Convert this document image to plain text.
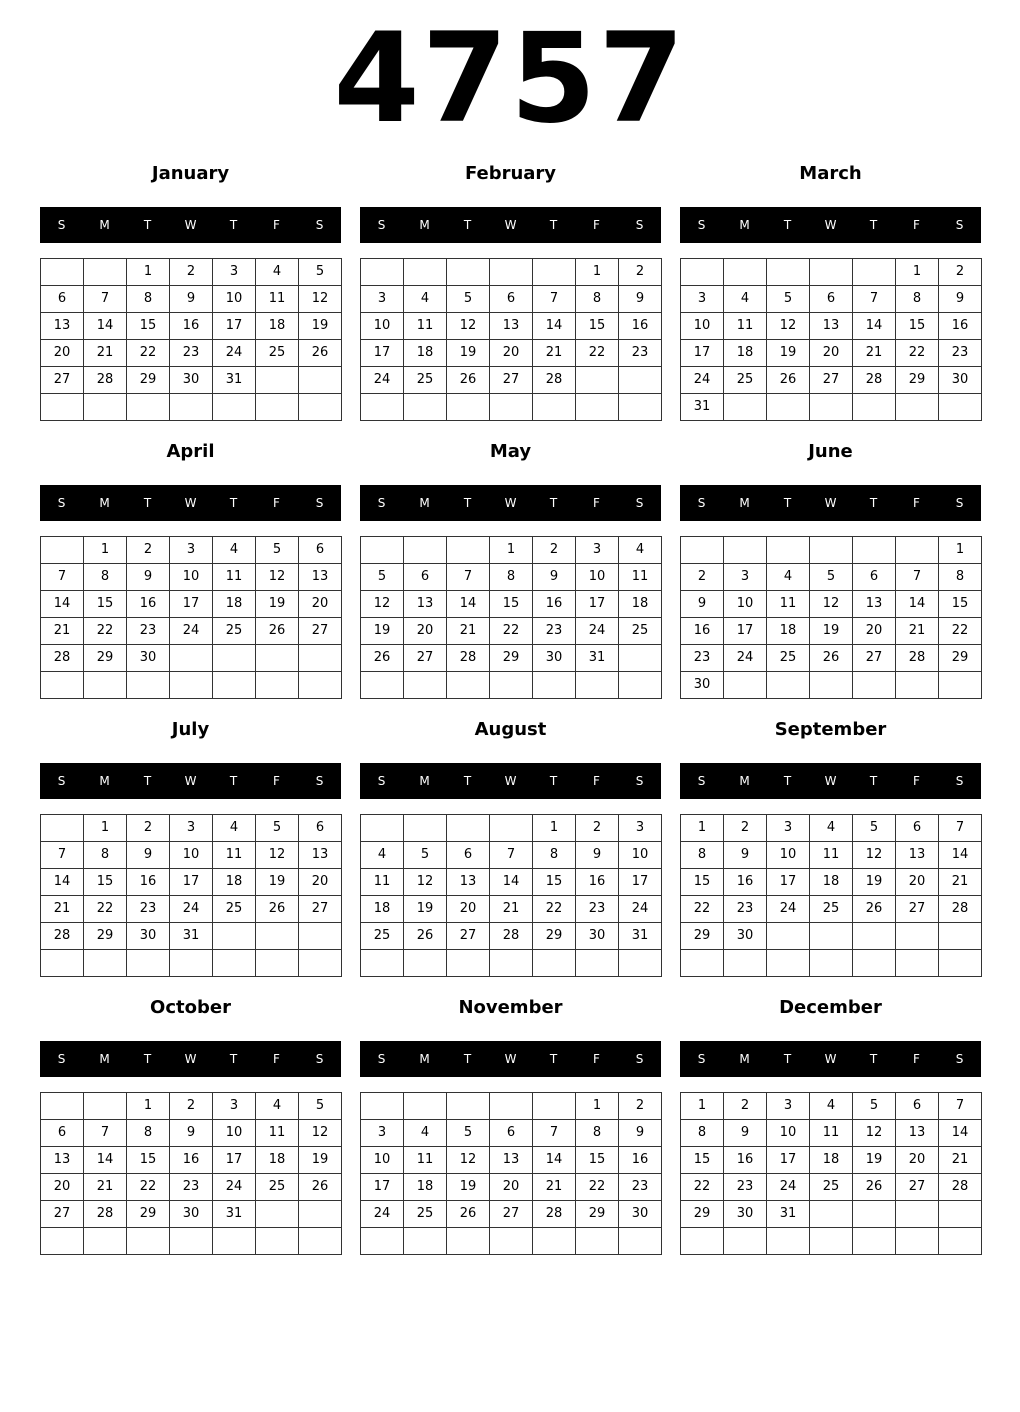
4757
January
S	M	T	W	T	F	S
		1	2	3	4	5
6	7	8	9	10	11	12
13	14	15	16	17	18	19
20	21	22	23	24	25	26
27	28	29	30	31		

February
S	M	T	W	T	F	S
					1	2
3	4	5	6	7	8	9
10	11	12	13	14	15	16
17	18	19	20	21	22	23
24	25	26	27	28		

March
S	M	T	W	T	F	S
					1	2
3	4	5	6	7	8	9
10	11	12	13	14	15	16
17	18	19	20	21	22	23
24	25	26	27	28	29	30
31						
April
S	M	T	W	T	F	S
	1	2	3	4	5	6
7	8	9	10	11	12	13
14	15	16	17	18	19	20
21	22	23	24	25	26	27
28	29	30				

May
S	M	T	W	T	F	S
			1	2	3	4
5	6	7	8	9	10	11
12	13	14	15	16	17	18
19	20	21	22	23	24	25
26	27	28	29	30	31	

June
S	M	T	W	T	F	S
						1
2	3	4	5	6	7	8
9	10	11	12	13	14	15
16	17	18	19	20	21	22
23	24	25	26	27	28	29
30						
July
S	M	T	W	T	F	S
	1	2	3	4	5	6
7	8	9	10	11	12	13
14	15	16	17	18	19	20
21	22	23	24	25	26	27
28	29	30	31			

August
S	M	T	W	T	F	S
				1	2	3
4	5	6	7	8	9	10
11	12	13	14	15	16	17
18	19	20	21	22	23	24
25	26	27	28	29	30	31

September
S	M	T	W	T	F	S
1	2	3	4	5	6	7
8	9	10	11	12	13	14
15	16	17	18	19	20	21
22	23	24	25	26	27	28
29	30					

October
S	M	T	W	T	F	S
		1	2	3	4	5
6	7	8	9	10	11	12
13	14	15	16	17	18	19
20	21	22	23	24	25	26
27	28	29	30	31		

November
S	M	T	W	T	F	S
					1	2
3	4	5	6	7	8	9
10	11	12	13	14	15	16
17	18	19	20	21	22	23
24	25	26	27	28	29	30

December
S	M	T	W	T	F	S
1	2	3	4	5	6	7
8	9	10	11	12	13	14
15	16	17	18	19	20	21
22	23	24	25	26	27	28
29	30	31				
